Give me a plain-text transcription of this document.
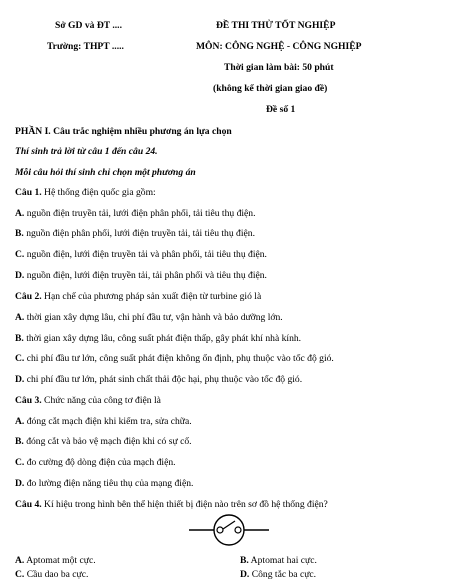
Sở GD và ĐT ....
Trường: THPT .....
ĐỀ THI THỬ TỐT NGHIỆP
MÔN: CÔNG NGHỆ - CÔNG NGHIỆP
Thời gian làm bài: 50 phút
(không kể thời gian giao đề)
Đề số 1
PHẦN I. Câu trắc nghiệm nhiều phương án lựa chọn
Thí sinh trả lời từ câu 1 đến câu 24.
Mỗi câu hỏi thí sinh chỉ chọn một phương án
Câu 1. Hệ thống điện quốc gia gồm:
A. nguồn điện truyền tải, lưới điện phân phối, tải tiêu thụ điện.
B. nguồn điện phân phối, lưới điện truyền tải, tải tiêu thụ điện.
C. nguồn điện, lưới điện truyền tải và phân phối, tải tiêu thụ điện.
D. nguồn điện, lưới điện truyền tải, tải phân phối và tiêu thụ điện.
Câu 2. Hạn chế của phương pháp sản xuất điện từ turbine gió là
A. thời gian xây dựng lâu, chi phí đầu tư, vận hành và bảo dưỡng lớn.
B. thời gian xây dựng lâu, công suất phát điện thấp, gây phát khí nhà kính.
C. chi phí đầu tư lớn, công suất phát điện không ổn định, phụ thuộc vào tốc độ gió.
D. chi phí đầu tư lớn, phát sinh chất thải độc hại, phụ thuộc vào tốc độ gió.
Câu 3. Chức năng của công tơ điện là
A. đóng cắt mạch điện khi kiểm tra, sửa chữa.
B. đóng cắt và bảo vệ mạch điện khi có sự cố.
C. đo cường độ dòng điện của mạch điện.
D. đo lường điện năng tiêu thụ của mạng điện.
Câu 4. Kí hiệu trong hình bên thể hiện thiết bị điện nào trên sơ đồ hệ thống điện?
A. Aptomat một cực.	B. Aptomat hai cực.
C. Cầu dao ba cực.	D. Công tắc ba cực.
